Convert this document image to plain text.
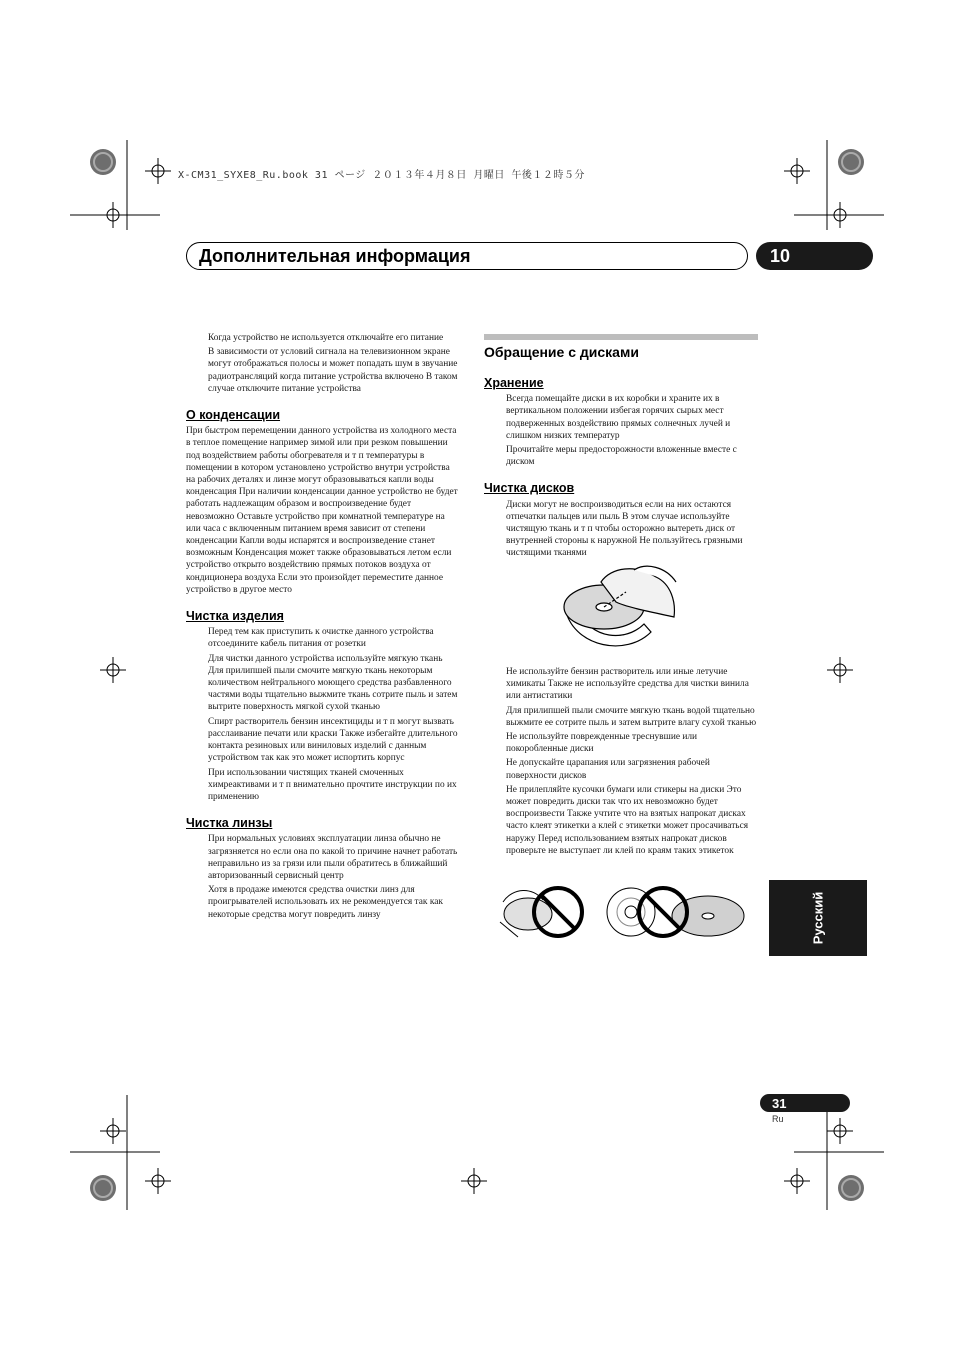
X-CM31_SYXE8_Ru.book 31 ページ ２０１３年４月８日 月曜日 午後１２時５分
Дополнительная информация	10

Когда устройство не используется отключайте его питание

В зависимости от условий сигнала на телевизионном экране могут отображаться полосы и может попадать шум в звучание радиотрансляций когда питание устройства включено В таком случае отключите питание устройства

О конденсации

При быстром перемещении данного устройства из холодного места в теплое помещение например зимой или при резком повышении под воздействием работы обогревателя и т п температуры в помещении в котором установлено устройство внутри устройства на рабочих деталях и линзе могут образовываться капли воды конденсация При наличии конденсации данное устройство не будет работать надлежащим образом и воспроизведение будет невозможно Оставьте устройство при комнатной температуре на или часа с включенным питанием время зависит от степени конденсации Капли воды испарятся и воспроизведение станет возможным Конденсация может также образовываться летом если устройство открыто воздействию прямых потоков воздуха от кондиционера воздуха Если это произойдет переместите данное устройство в другое место

Чистка изделия

Перед тем как приступить к очистке данного устройства отсоедините кабель питания от розетки

Для чистки данного устройства используйте мягкую ткань Для прилипшей пыли смочите мягкую ткань некоторым количеством нейтрального моющего средства разбавленного частями воды тщательно выжмите ткань сотрите пыль и затем вытрите поверхность мягкой сухой тканью

Спирт растворитель бензин инсектициды и т п могут вызвать расслаивание печати или краски Также избегайте длительного контакта резиновых или виниловых изделий с данным устройством так как это может испортить корпус

При использовании чистящих тканей смоченных химреактивами и т п внимательно прочтите инструкции по их применению

Чистка линзы

При нормальных условиях эксплуатации линза обычно не загрязняется но если она по какой то причине начнет работать неправильно из за грязи или пыли обратитесь в ближайший авторизованный сервисный центр

Хотя в продаже имеются средства очистки линз для проигрывателей использовать их не рекомендуется так как некоторые средства могут повредить линзу

Обращение с дисками
Хранение

Всегда помещайте диски в их коробки и храните их в вертикальном положении избегая горячих сырых мест подверженных воздействию прямых солнечных лучей и слишком низких температур

Прочитайте меры предосторожности вложенные вместе с диском

Чистка дисков

Диски могут не воспроизводиться если на них остаются отпечатки пальцев или пыль В этом случае используйте чистящую ткань и т п чтобы осторожно вытереть диск от внутренней стороны к наружной Не пользуйтесь грязными чистящими тканями

Не используйте бензин растворитель или иные летучие химикаты Также не используйте средства для чистки винила или антистатики

Для прилипшей пыли смочите мягкую ткань водой тщательно выжмите ее сотрите пыль и затем вытрите влагу сухой тканью

Не используйте поврежденные треснувшие или покоробленные диски

Не допускайте царапания или загрязнения рабочей поверхности дисков

Не прилепляйте кусочки бумаги или стикеры на диски Это может повредить диски так что их невозможно будет воспроизвести Также учтите что на взятых напрокат дисках часто клеят этикетки а клей с этикетки может просачиваться наружу Перед использованием взятых напрокат дисков проверьте не выступает ли клей по краям таких этикеток

Русский
31
Ru
